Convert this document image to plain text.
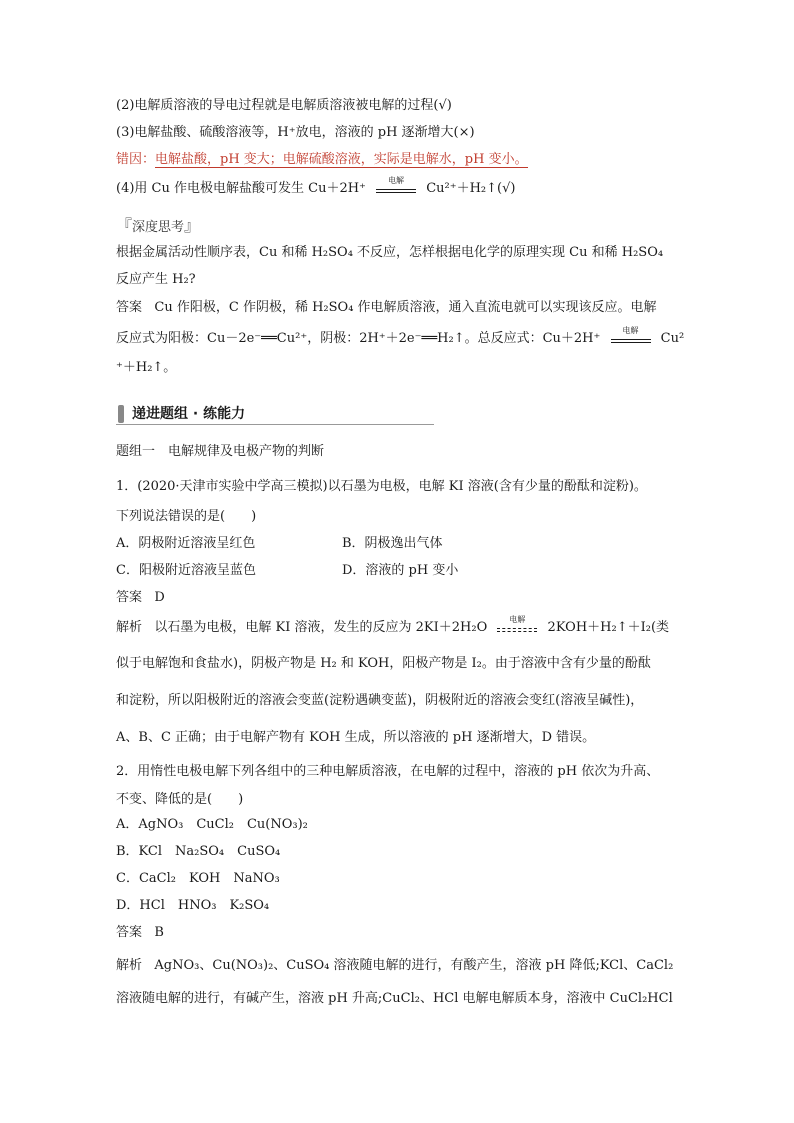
(2)电解质溶液的导电过程就是电解质溶液被电解的过程(√)
(3)电解盐酸、硫酸溶液等，H⁺放电，溶液的 pH 逐渐增大(×)
错因：电解盐酸，pH 变大；电解硫酸溶液，实际是电解水，pH 变小。
(4)用 Cu 作电极电解盐酸可发生 Cu＋2H⁺
电解
Cu²⁺＋H₂↑(√)
『深度思考』
根据金属活动性顺序表，Cu 和稀 H₂SO₄ 不反应，怎样根据电化学的原理实现 Cu 和稀 H₂SO₄
反应产生 H₂?
答案 Cu 作阳极，C 作阴极，稀 H₂SO₄ 作电解质溶液，通入直流电就可以实现该反应。电解
反应式为阳极：Cu－2e⁻══Cu²⁺，阴极：2H⁺＋2e⁻══H₂↑。总反应式：Cu＋2H⁺
电解
Cu²
⁺＋H₂↑。
递进题组 · 练能力
题组一　电解规律及电极产物的判断
1．(2020·天津市实验中学高三模拟)以石墨为电极，电解 KI 溶液(含有少量的酚酞和淀粉)。
下列说法错误的是(　　)
A．阴极附近溶液呈红色	B．阴极逸出气体
C．阳极附近溶液呈蓝色	D．溶液的 pH 变小
答案 D
解析 以石墨为电极，电解 KI 溶液，发生的反应为 2KI＋2H₂O
电解
2KOH＋H₂↑＋I₂(类
似于电解饱和食盐水)，阴极产物是 H₂ 和 KOH，阳极产物是 I₂。由于溶液中含有少量的酚酞
和淀粉，所以阳极附近的溶液会变蓝(淀粉遇碘变蓝)，阴极附近的溶液会变红(溶液呈碱性)，
A、B、C 正确；由于电解产物有 KOH 生成，所以溶液的 pH 逐渐增大，D 错误。
2．用惰性电极电解下列各组中的三种电解质溶液，在电解的过程中，溶液的 pH 依次为升高、
不变、降低的是(　　)
A．AgNO₃　CuCl₂　Cu(NO₃)₂
B．KCl　Na₂SO₄　CuSO₄
C．CaCl₂　KOH　NaNO₃
D．HCl　HNO₃　K₂SO₄
答案 B
解析 AgNO₃、Cu(NO₃)₂、CuSO₄ 溶液随电解的进行，有酸产生，溶液 pH 降低;KCl、CaCl₂
溶液随电解的进行，有碱产生，溶液 pH 升高;CuCl₂、HCl 电解电解质本身，溶液中 CuCl₂HCl
